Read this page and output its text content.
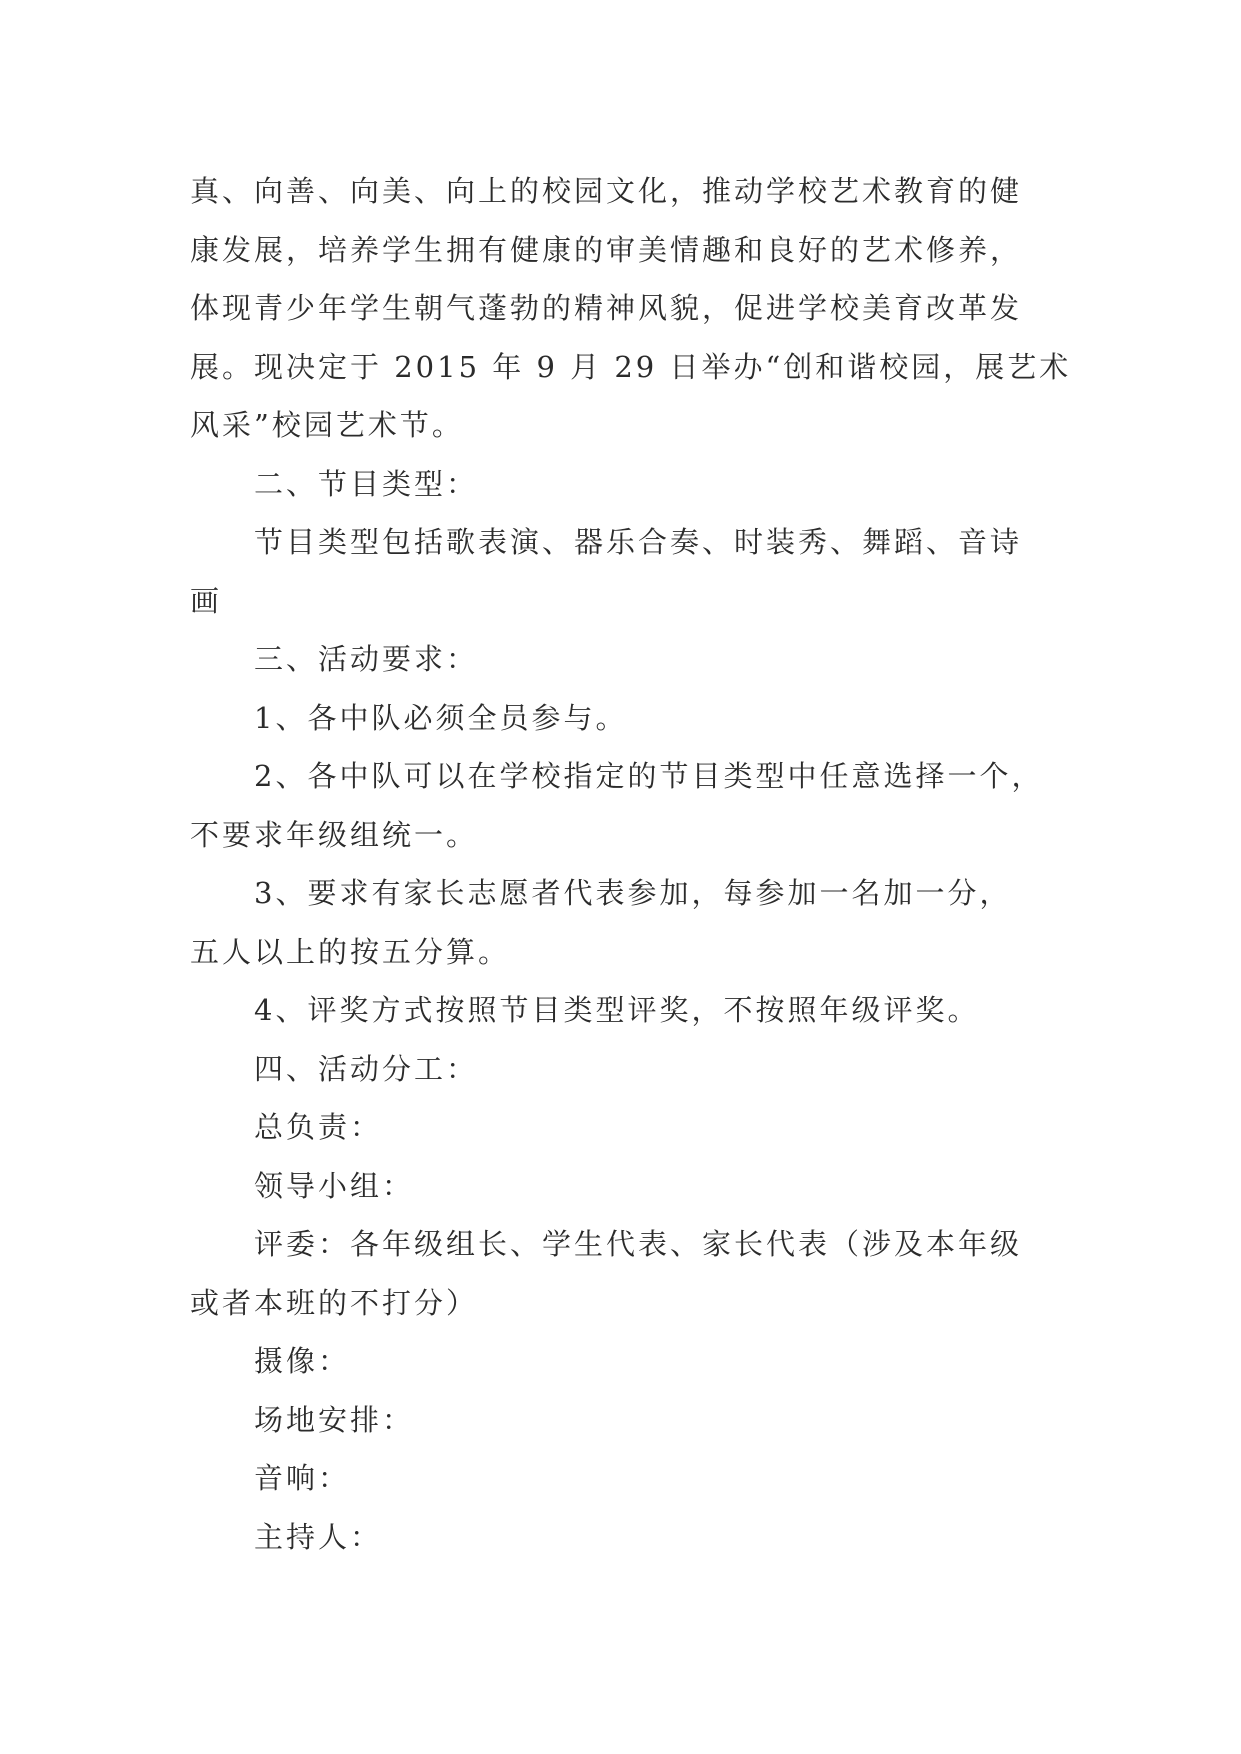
真、向善、向美、向上的校园文化，推动学校艺术教育的健
康发展，培养学生拥有健康的审美情趣和良好的艺术修养，
体现青少年学生朝气蓬勃的精神风貌，促进学校美育改革发
展。现决定于 2015 年 9 月 29 日举办“创和谐校园，展艺术
风采”校园艺术节。
二、节目类型：
节目类型包括歌表演、器乐合奏、时装秀、舞蹈、音诗
画
三、活动要求：
1、各中队必须全员参与。
2、各中队可以在学校指定的节目类型中任意选择一个，
不要求年级组统一。
3、要求有家长志愿者代表参加，每参加一名加一分，
五人以上的按五分算。
4、评奖方式按照节目类型评奖，不按照年级评奖。
四、活动分工：
总负责：
领导小组：
评委：各年级组长、学生代表、家长代表（涉及本年级
或者本班的不打分）
摄像：
场地安排：
音响：
主持人：
